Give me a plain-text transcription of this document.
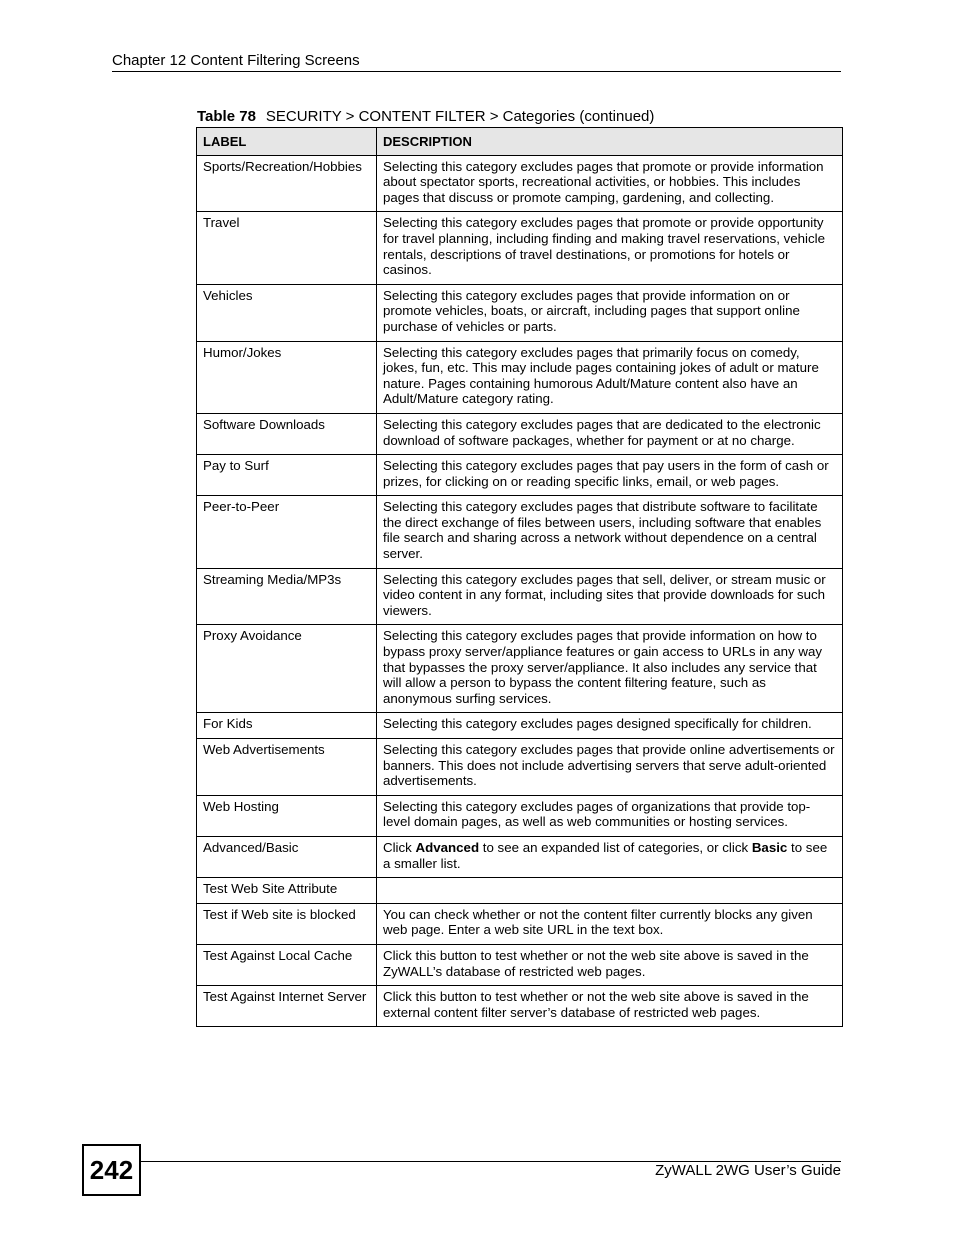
Chapter 12 Content Filtering Screens
Table 78 SECURITY > CONTENT FILTER > Categories (continued)
LABEL	DESCRIPTION
Sports/Recreation/Hobbies	Selecting this category excludes pages that promote or provide information about spectator sports, recreational activities, or hobbies. This includes pages that discuss or promote camping, gardening, and collecting.
Travel	Selecting this category excludes pages that promote or provide opportunity for travel planning, including finding and making travel reservations, vehicle rentals, descriptions of travel destinations, or promotions for hotels or casinos.
Vehicles	Selecting this category excludes pages that provide information on or promote vehicles, boats, or aircraft, including pages that support online purchase of vehicles or parts.
Humor/Jokes	Selecting this category excludes pages that primarily focus on comedy, jokes, fun, etc. This may include pages containing jokes of adult or mature nature. Pages containing humorous Adult/Mature content also have an Adult/Mature category rating.
Software Downloads	Selecting this category excludes pages that are dedicated to the electronic download of software packages, whether for payment or at no charge.
Pay to Surf	Selecting this category excludes pages that pay users in the form of cash or prizes, for clicking on or reading specific links, email, or web pages.
Peer-to-Peer	Selecting this category excludes pages that distribute software to facilitate the direct exchange of files between users, including software that enables file search and sharing across a network without dependence on a central server.
Streaming Media/MP3s	Selecting this category excludes pages that sell, deliver, or stream music or video content in any format, including sites that provide downloads for such viewers.
Proxy Avoidance	Selecting this category excludes pages that provide information on how to bypass proxy server/appliance features or gain access to URLs in any way that bypasses the proxy server/appliance. It also includes any service that will allow a person to bypass the content filtering feature, such as anonymous surfing services.
For Kids	Selecting this category excludes pages designed specifically for children.
Web Advertisements	Selecting this category excludes pages that provide online advertisements or banners. This does not include advertising servers that serve adult-oriented advertisements.
Web Hosting	Selecting this category excludes pages of organizations that provide top-level domain pages, as well as web communities or hosting services.
Advanced/Basic	Click Advanced to see an expanded list of categories, or click Basic to see a smaller list.
Test Web Site Attribute	
Test if Web site is blocked	You can check whether or not the content filter currently blocks any given web page. Enter a web site URL in the text box.
Test Against Local Cache	Click this button to test whether or not the web site above is saved in the ZyWALL’s database of restricted web pages.
Test Against Internet Server	Click this button to test whether or not the web site above is saved in the external content filter server’s database of restricted web pages.
242	ZyWALL 2WG User’s Guide
